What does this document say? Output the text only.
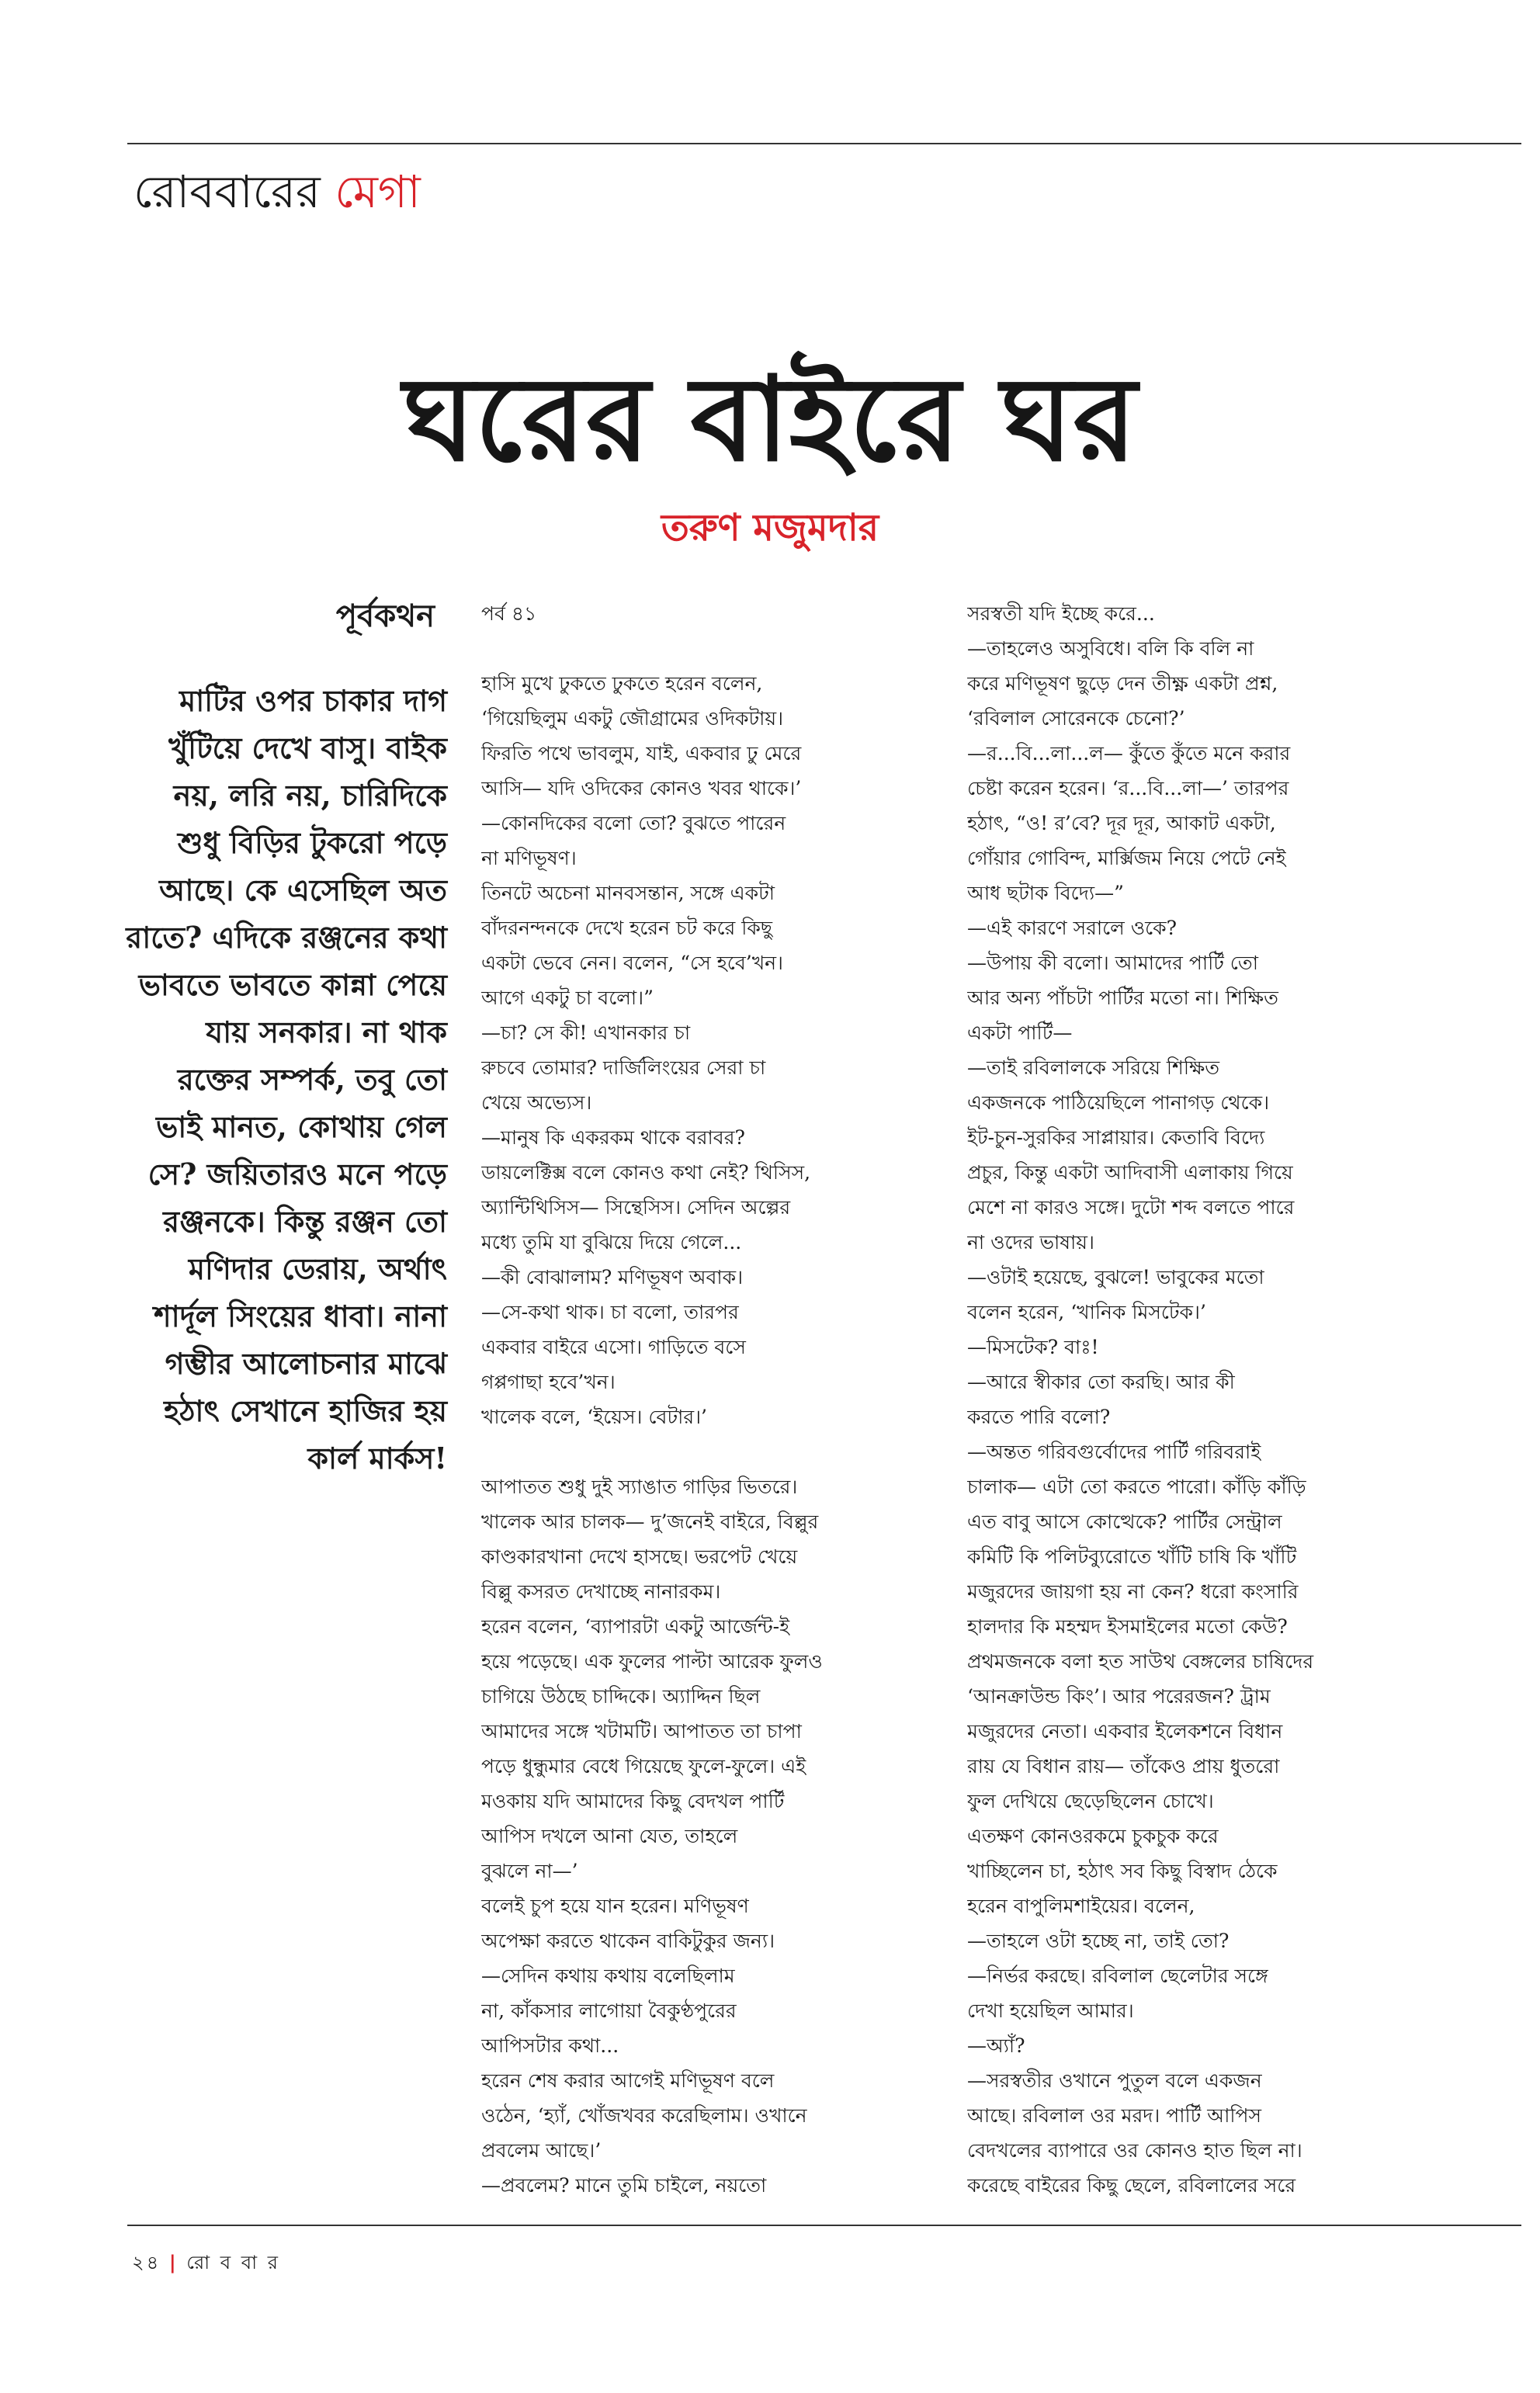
রোববারের মেগা
ঘরের বাইরে ঘর
তরুণ মজুমদার
পূর্বকথন
মাটির ওপর চাকার দাগ খুঁটিয়ে দেখে বাসু। বাইক নয়, লরি নয়, চারিদিকে শুধু বিড়ির টুকরো পড়ে আছে। কে এসেছিল অত রাতে? এদিকে রঞ্জনের কথা ভাবতে ভাবতে কান্না পেয়ে যায় সনকার। না থাক রক্তের সম্পর্ক, তবু তো ভাই মানত, কোথায় গেল সে? জয়িতারও মনে পড়ে রঞ্জনকে। কিন্তু রঞ্জন তো মণিদার ডেরায়, অর্থাৎ শার্দূল সিংয়ের ধাবা। নানা গম্ভীর আলোচনার মাঝে হঠাৎ সেখানে হাজির হয় কার্ল মার্কস!
পর্ব ৪১
হাসি মুখে ঢুকতে ঢুকতে হরেন বলেন,
‘গিয়েছিলুম একটু জৌগ্রামের ওদিকটায়।
ফিরতি পথে ভাবলুম, যাই, একবার ঢু মেরে
আসি— যদি ওদিকের কোনও খবর থাকে।’
—কোনদিকের বলো তো? বুঝতে পারেন
না মণিভূষণ।
তিনটে অচেনা মানবসন্তান, সঙ্গে একটা
বাঁদরনন্দনকে দেখে হরেন চট করে কিছু
একটা ভেবে নেন। বলেন, “সে হবে’খন।
আগে একটু চা বলো।”
—চা? সে কী! এখানকার চা
রুচবে তোমার? দার্জিলিংয়ের সেরা চা
খেয়ে অভ্যেস।
—মানুষ কি একরকম থাকে বরাবর?
ডায়লেক্টিক্স বলে কোনও কথা নেই? থিসিস,
অ্যান্টিথিসিস— সিন্থেসিস। সেদিন অল্পের
মধ্যে তুমি যা বুঝিয়ে দিয়ে গেলে...
—কী বোঝালাম? মণিভূষণ অবাক।
—সে-কথা থাক। চা বলো, তারপর
একবার বাইরে এসো। গাড়িতে বসে
গপ্পগাছা হবে’খন।
খালেক বলে, ‘ইয়েস। বেটার।’
আপাতত শুধু দুই স্যাঙাত গাড়ির ভিতরে।
খালেক আর চালক— দু’জনেই বাইরে, বিল্লুর
কাণ্ডকারখানা দেখে হাসছে। ভরপেট খেয়ে
বিল্লু কসরত দেখাচ্ছে নানারকম।
হরেন বলেন, ‘ব্যাপারটা একটু আর্জেন্ট-ই
হয়ে পড়েছে। এক ফুলের পাল্টা আরেক ফুলও
চাগিয়ে উঠছে চাদ্দিকে। অ্যাদ্দিন ছিল
আমাদের সঙ্গে খটামটি। আপাতত তা চাপা
পড়ে ধুন্ধুমার বেধে গিয়েছে ফুলে-ফুলে। এই
মওকায় যদি আমাদের কিছু বেদখল পার্টি
আপিস দখলে আনা যেত, তাহলে
বুঝলে না—’
বলেই চুপ হয়ে যান হরেন। মণিভূষণ
অপেক্ষা করতে থাকেন বাকিটুকুর জন্য।
—সেদিন কথায় কথায় বলেছিলাম
না, কাঁকসার লাগোয়া বৈকুণ্ঠপুরের
আপিসটার কথা...
হরেন শেষ করার আগেই মণিভূষণ বলে
ওঠেন, ‘হ্যাঁ, খোঁজখবর করেছিলাম। ওখানে
প্রবলেম আছে।’
—প্রবলেম? মানে তুমি চাইলে, নয়তো
সরস্বতী যদি ইচ্ছে করে...
—তাহলেও অসুবিধে। বলি কি বলি না
করে মণিভূষণ ছুড়ে দেন তীক্ষ্ণ একটা প্রশ্ন,
‘রবিলাল সোরেনকে চেনো?’
—র...বি...লা...ল— কুঁতে কুঁতে মনে করার
চেষ্টা করেন হরেন। ‘র...বি...লা—’ তারপর
হঠাৎ, “ও! র’বে? দূর দূর, আকাট একটা,
গোঁয়ার গোবিন্দ, মার্ক্সিজম নিয়ে পেটে নেই
আধ ছটাক বিদ্যে—”
—এই কারণে সরালে ওকে?
—উপায় কী বলো। আমাদের পার্টি তো
আর অন্য পাঁচটা পার্টির মতো না। শিক্ষিত
একটা পার্টি—
—তাই রবিলালকে সরিয়ে শিক্ষিত
একজনকে পাঠিয়েছিলে পানাগড় থেকে।
ইট-চুন-সুরকির সাপ্লায়ার। কেতাবি বিদ্যে
প্রচুর, কিন্তু একটা আদিবাসী এলাকায় গিয়ে
মেশে না কারও সঙ্গে। দুটো শব্দ বলতে পারে
না ওদের ভাষায়।
—ওটাই হয়েছে, বুঝলে! ভাবুকের মতো
বলেন হরেন, ‘খানিক মিসটেক।’
—মিসটেক? বাঃ!
—আরে স্বীকার তো করছি। আর কী
করতে পারি বলো?
—অন্তত গরিবগুর্বোদের পার্টি গরিবরাই
চালাক— এটা তো করতে পারো। কাঁড়ি কাঁড়ি
এত বাবু আসে কোত্থেকে? পার্টির সেন্ট্রাল
কমিটি কি পলিটব্যুরোতে খাঁটি চাষি কি খাঁটি
মজুরদের জায়গা হয় না কেন? ধরো কংসারি
হালদার কি মহম্মদ ইসমাইলের মতো কেউ?
প্রথমজনকে বলা হত সাউথ বেঙ্গলের চাষিদের
‘আনক্রাউন্ড কিং’। আর পরেরজন? ট্রাম
মজুরদের নেতা। একবার ইলেকশনে বিধান
রায় যে বিধান রায়— তাঁকেও প্রায় ধুতরো
ফুল দেখিয়ে ছেড়েছিলেন চোখে।
এতক্ষণ কোনওরকমে চুকচুক করে
খাচ্ছিলেন চা, হঠাৎ সব কিছু বিস্বাদ ঠেকে
হরেন বাপুলিমশাইয়ের। বলেন,
—তাহলে ওটা হচ্ছে না, তাই তো?
—নির্ভর করছে। রবিলাল ছেলেটার সঙ্গে
দেখা হয়েছিল আমার।
—অ্যাঁ?
—সরস্বতীর ওখানে পুতুল বলে একজন
আছে। রবিলাল ওর মরদ। পার্টি আপিস
বেদখলের ব্যাপারে ওর কোনও হাত ছিল না।
করেছে বাইরের কিছু ছেলে, রবিলালের সরে
২৪ | রো ব বা র
